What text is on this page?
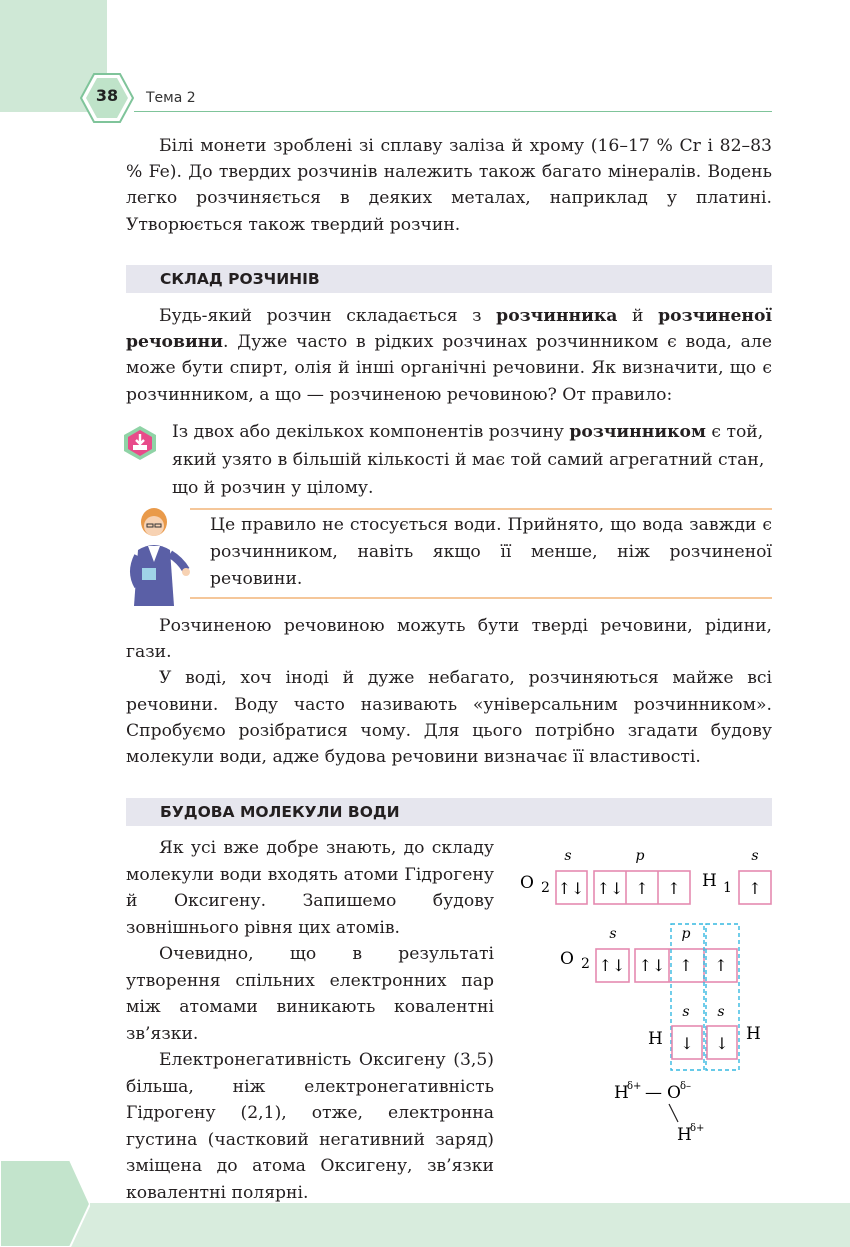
38	Тема 2

Білі монети зроблені зі сплаву заліза й хрому (16–17 % Cr і 82–83 % Fe). До твердих розчинів належить також багато мінералів. Водень легко розчиняється в деяких металах, наприклад у платині. Утворюється також твердий розчин.

СКЛАД РОЗЧИНІВ

Будь-який розчин складається з розчинника й розчиненої речовини. Дуже часто в рідких розчинах розчинником є вода, але може бути спирт, олія й інші органічні речовини. Як визначити, що є розчинником, а що — розчиненою речовиною? От правило:

Із двох або декількох компонентів розчину розчинником є той, який узято в більшій кількості й має той самий агрегатний стан, що й розчин у цілому.

Це правило не стосується води. Прийнято, що вода завжди є розчинником, навіть якщо її менше, ніж розчиненої речовини.

Розчиненою речовиною можуть бути тверді речовини, рідини, гази.

У воді, хоч іноді й дуже небагато, розчиняються майже всі речовини. Воду часто називають «універсальним розчинником». Спробуємо розібратися чому. Для цього потрібно згадати будову молекули води, адже будова речовини визначає її властивості.

БУДОВА МОЛЕКУЛИ ВОДИ

Як усі вже добре знають, до складу молекули води входять атоми Гідрогену й Оксигену. Запишемо будову зовнішнього рівня цих атомів.

Очевидно, що в результаті утворення спільних електронних пар між атомами виникають ковалентні зв’язки.

Електронегативність Оксигену (3,5) більша, ніж електронегативність Гідрогену (2,1), отже, електронна густина (частковий негативний заряд) зміщена до атома Оксигену, зв’язки ковалентні полярні.

s	p	s
O 2 ↑↓ ↑↓ ↑ ↑ H 1 ↑
s	p
O 2 ↑↓ ↑↓ ↑ ↑
s s
H ↓ ↓ H
H
δ+ — O δ–
H
δ+
